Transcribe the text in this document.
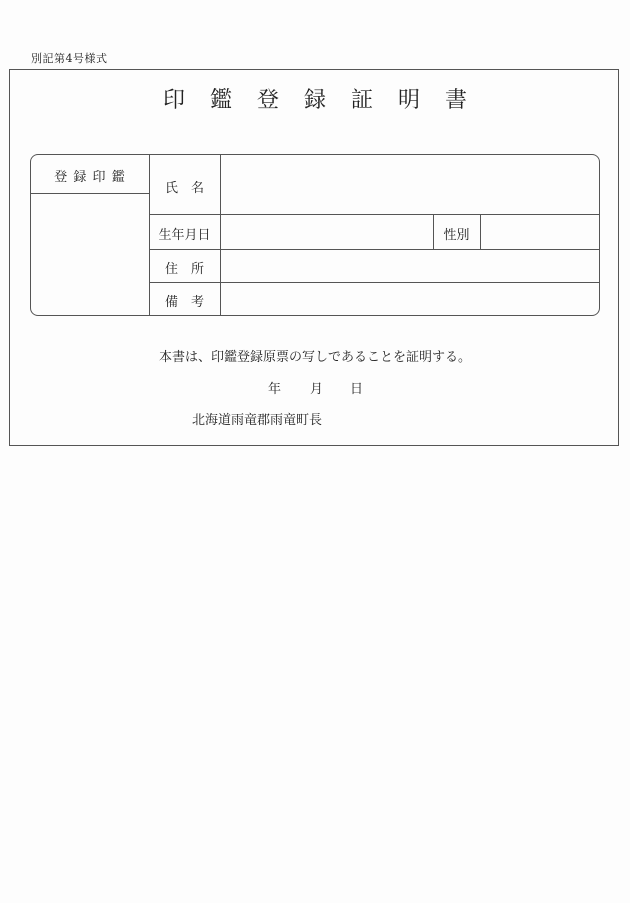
別記第4号様式
印 鑑 登 録 証 明 書
登 録 印 鑑
氏　名
生年月日	性別
住　所
備　考
本書は、印鑑登録原票の写しであることを証明する。
年 月 日
北海道雨竜郡雨竜町長
